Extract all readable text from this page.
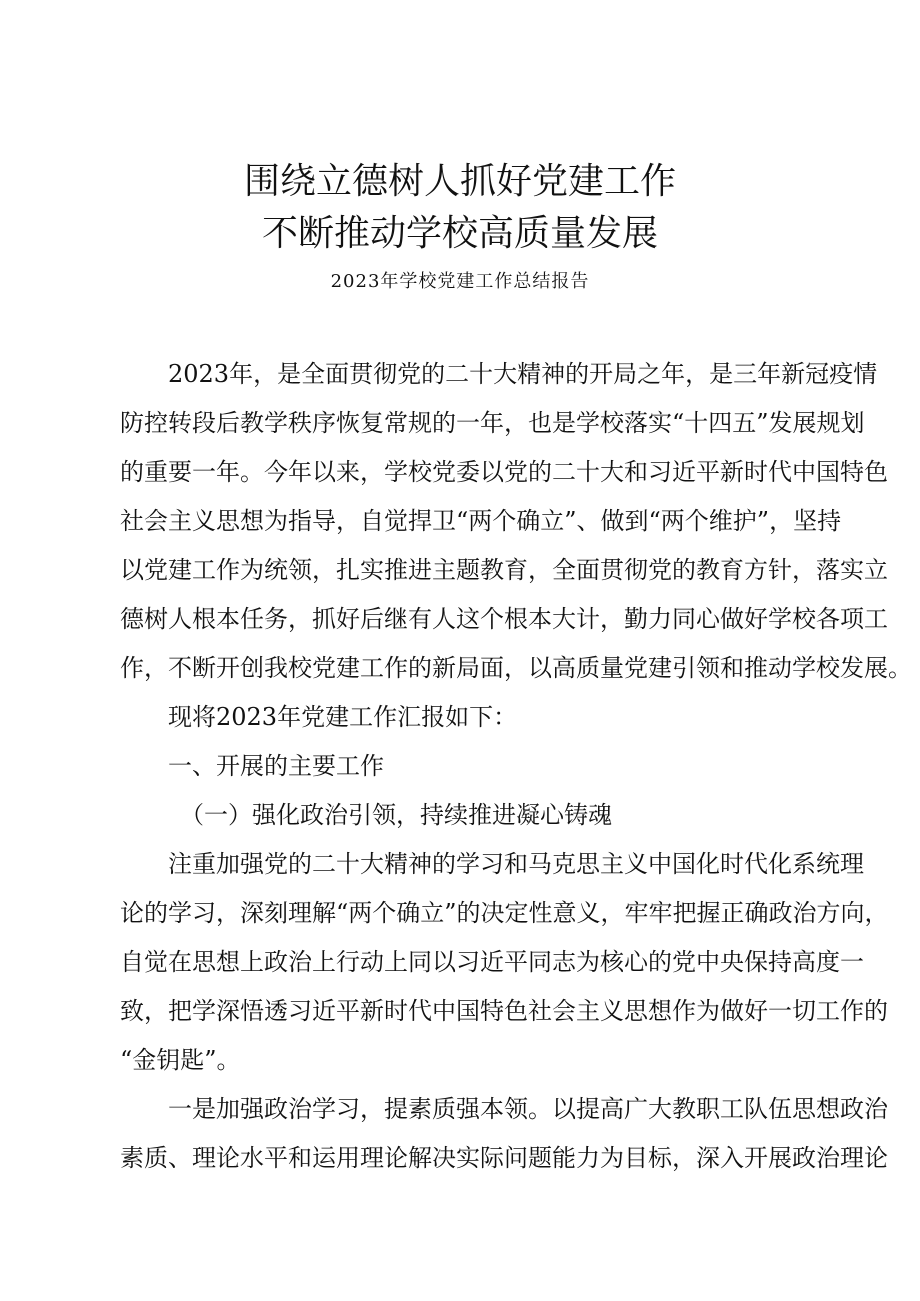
围绕立德树人抓好党建工作
不断推动学校高质量发展
2023年学校党建工作总结报告
2023年，是全面贯彻党的二十大精神的开局之年，是三年新冠疫情
防控转段后教学秩序恢复常规的一年，也是学校落实“十四五”发展规划
的重要一年。今年以来，学校党委以党的二十大和习近平新时代中国特色
社会主义思想为指导，自觉捍卫“两个确立”、做到“两个维护”，坚持
以党建工作为统领，扎实推进主题教育，全面贯彻党的教育方针，落实立
德树人根本任务，抓好后继有人这个根本大计，勤力同心做好学校各项工
作，不断开创我校党建工作的新局面，以高质量党建引领和推动学校发展。
现将2023年党建工作汇报如下：
一、开展的主要工作
（一）强化政治引领，持续推进凝心铸魂
注重加强党的二十大精神的学习和马克思主义中国化时代化系统理
论的学习，深刻理解“两个确立”的决定性意义，牢牢把握正确政治方向，
自觉在思想上政治上行动上同以习近平同志为核心的党中央保持高度一
致，把学深悟透习近平新时代中国特色社会主义思想作为做好一切工作的
“金钥匙”。
一是加强政治学习，提素质强本领。以提高广大教职工队伍思想政治
素质、理论水平和运用理论解决实际问题能力为目标，深入开展政治理论
